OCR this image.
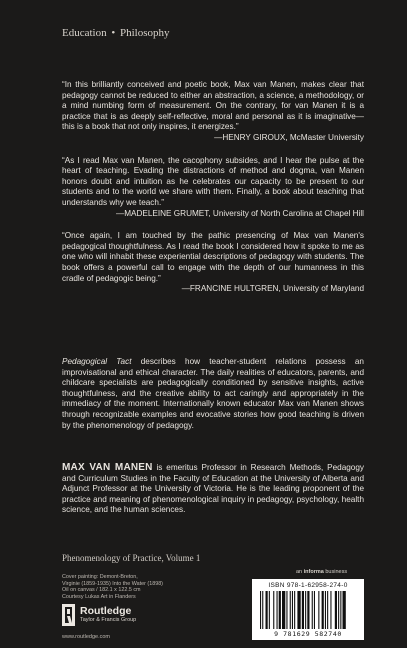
Education • Philosophy

“In this brilliantly conceived and poetic book, Max van Manen, makes clear that pedagogy cannot be reduced to either an abstraction, a science, a methodology, or a mind numbing form of measurement. On the contrary, for van Manen it is a practice that is as deeply self-reflective, moral and personal as it is imaginative—this is a book that not only inspires, it energizes.”
—HENRY GIROUX, McMaster University

“As I read Max van Manen, the cacophony subsides, and I hear the pulse at the heart of teaching. Evading the distractions of method and dogma, van Manen honors doubt and intuition as he celebrates our capacity to be present to our students and to the world we share with them. Finally, a book about teaching that understands why we teach.”
—MADELEINE GRUMET, University of North Carolina at Chapel Hill

“Once again, I am touched by the pathic presencing of Max van Manen's pedagogical thoughtfulness. As I read the book I considered how it spoke to me as one who will inhabit these experiential descriptions of pedagogy with students. The book offers a powerful call to engage with the depth of our humanness in this cradle of pedagogic being.”
—FRANCINE HULTGREN, University of Maryland

Pedagogical Tact describes how teacher-student relations possess an improvisational and ethical character. The daily realities of educators, parents, and childcare specialists are pedagogically conditioned by sensitive insights, active thoughtfulness, and the creative ability to act caringly and appropriately in the immediacy of the moment. Internationally known educator Max van Manen shows through recognizable examples and evocative stories how good teaching is driven by the phenomenology of pedagogy.

MAX VAN MANEN is emeritus Professor in Research Methods, Pedagogy and Curriculum Studies in the Faculty of Education at the University of Alberta and Adjunct Professor at the University of Victoria. He is the leading proponent of the practice and meaning of phenomenological inquiry in pedagogy, psychology, health science, and the human sciences.

Phenomenology of Practice, Volume 1
Cover painting: Demont-Breton,
Virginie (1859-1935) Into the Water (1898)
Oil on canvas / 182.1 x 122.5 cm
Courtesy Lukas Art in Flanders
Routledge
Taylor & Francis Group
www.routledge.com
an informa business
ISBN 978-1-62958-274-0
9 781629 582740
